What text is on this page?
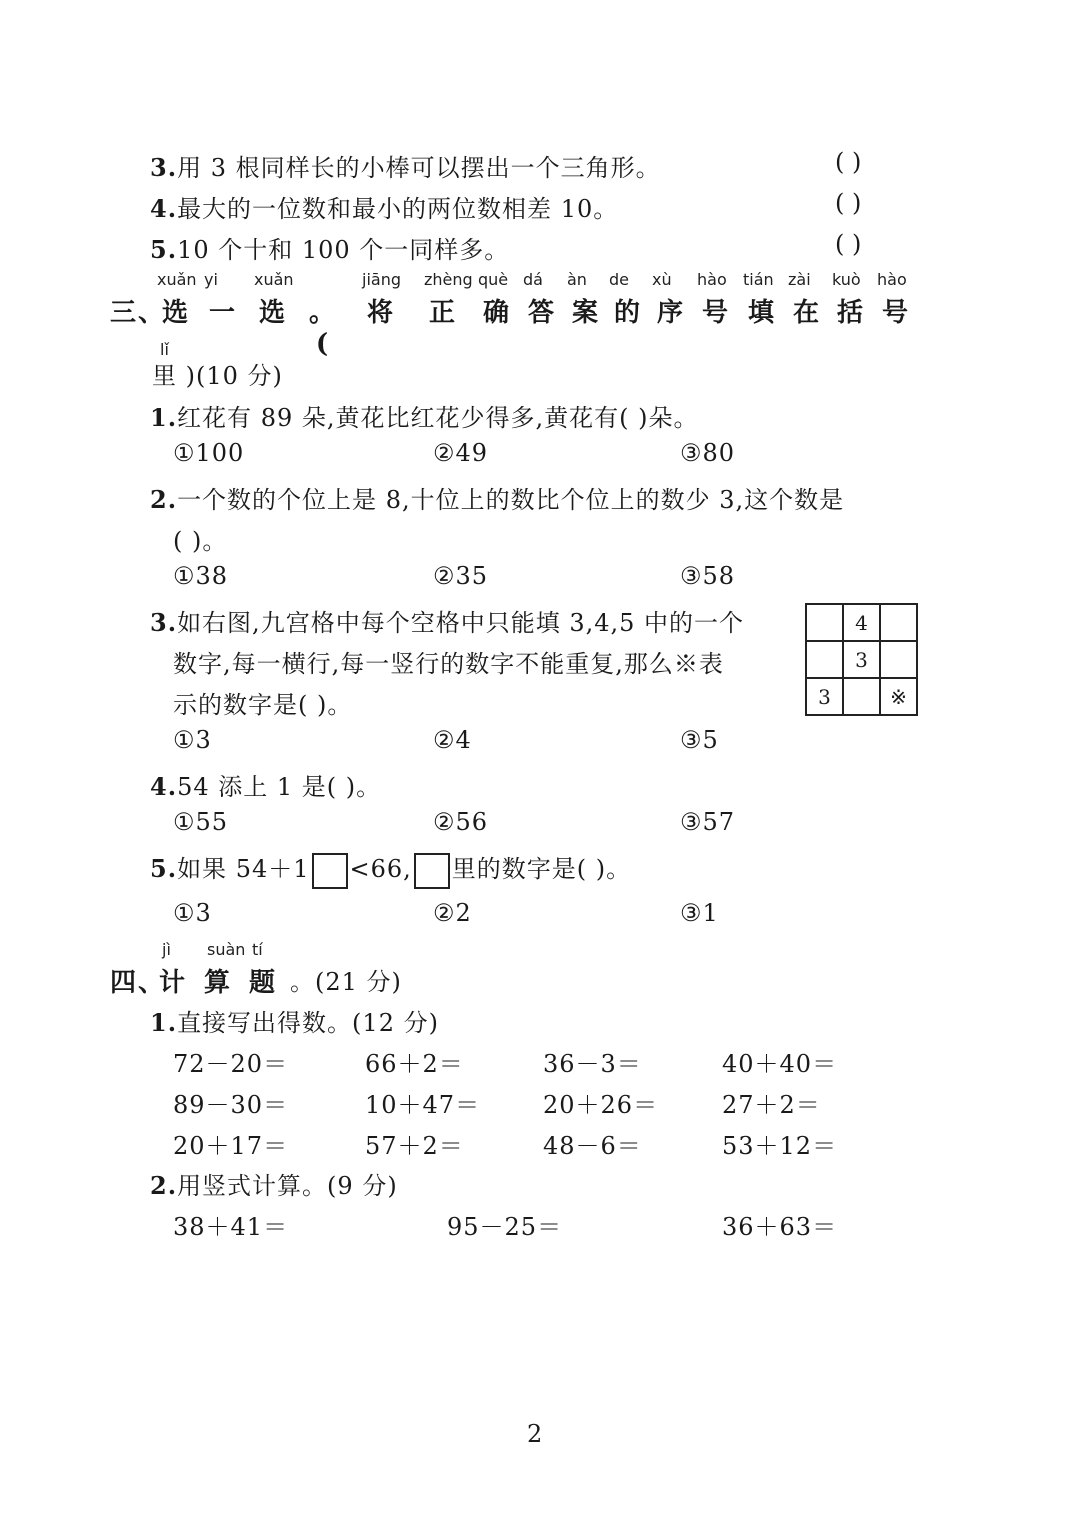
3.用 3 根同样长的小棒可以摆出一个三角形。	( )
4.最大的一位数和最小的两位数相差 10。	( )
5.10 个十和 100 个一同样多。	( )
三、
选 一 选 。(
将 正 确 答 案 的 序 号 填 在 括 号
xuǎn yi xuǎn	jiāng zhèng què dá àn de xù hào tián zài kuò hào
lǐ
里 )(10 分)
1.红花有 89 朵,黄花比红花少得多,黄花有( )朵。
①100	②49	③80
2.一个数的个位上是 8,十位上的数比个位上的数少 3,这个数是
( )。
①38	②35	③58
3.如右图,九宫格中每个空格中只能填 3,4,5 中的一个
数字,每一横行,每一竖行的数字不能重复,那么※表
示的数字是( )。
	4	
	3	
3		※
①3	②4	③5
4.54 添上 1 是( )。
①55	②56	③57
5.如果 54＋1 <66, 里的数字是( )。
①3	②2	③1
四、
计 算 题
jì suàn tí
。(21 分)
1.直接写出得数。(12 分)
72－20＝	66＋2＝	36－3＝	40＋40＝
89－30＝	10＋47＝	20＋26＝	27＋2＝
20＋17＝	57＋2＝	48－6＝	53＋12＝
2.用竖式计算。(9 分)
38＋41＝	95－25＝	36＋63＝
2
